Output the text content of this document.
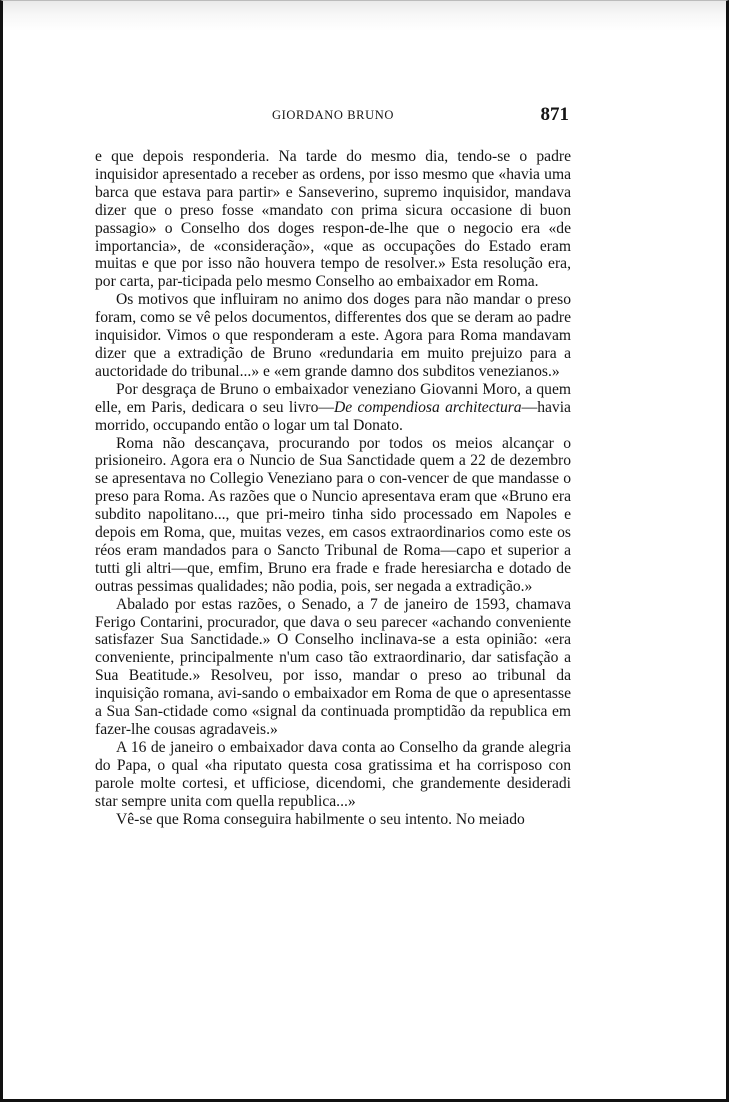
GIORDANO BRUNO	871

e que depois responderia. Na tarde do mesmo dia, tendo-se o padre inquisidor apresentado a receber as ordens, por isso mesmo que «havia uma barca que estava para partir» e Sanseverino, supremo inquisidor, mandava dizer que o preso fosse «mandato con prima sicura occasione di buon passagio» o Conselho dos doges respon-de-lhe que o negocio era «de importancia», de «consideração», «que as occupações do Estado eram muitas e que por isso não houvera tempo de resolver.» Esta resolução era, por carta, par-ticipada pelo mesmo Conselho ao embaixador em Roma.

Os motivos que influiram no animo dos doges para não mandar o preso foram, como se vê pelos documentos, differentes dos que se deram ao padre inquisidor. Vimos o que responderam a este. Agora para Roma mandavam dizer que a extradição de Bruno «redundaria em muito prejuizo para a auctoridade do tribunal...» e «em grande damno dos subditos venezianos.»

Por desgraça de Bruno o embaixador veneziano Giovanni Moro, a quem elle, em Paris, dedicara o seu livro—De compendiosa architectura—havia morrido, occupando então o logar um tal Donato.

Roma não descançava, procurando por todos os meios alcançar o prisioneiro. Agora era o Nuncio de Sua Sanctidade quem a 22 de dezembro se apresentava no Collegio Veneziano para o con-vencer de que mandasse o preso para Roma. As razões que o Nuncio apresentava eram que «Bruno era subdito napolitano..., que pri-meiro tinha sido processado em Napoles e depois em Roma, que, muitas vezes, em casos extraordinarios como este os réos eram mandados para o Sancto Tribunal de Roma—capo et superior a tutti gli altri—que, emfim, Bruno era frade e frade heresiarcha e dotado de outras pessimas qualidades; não podia, pois, ser negada a extradição.»

Abalado por estas razões, o Senado, a 7 de janeiro de 1593, chamava Ferigo Contarini, procurador, que dava o seu parecer «achando conveniente satisfazer Sua Sanctidade.» O Conselho inclinava-se a esta opinião: «era conveniente, principalmente n'um caso tão extraordinario, dar satisfação a Sua Beatitude.» Resolveu, por isso, mandar o preso ao tribunal da inquisição romana, avi-sando o embaixador em Roma de que o apresentasse a Sua San-ctidade como «signal da continuada promptidão da republica em fazer-lhe cousas agradaveis.»

A 16 de janeiro o embaixador dava conta ao Conselho da grande alegria do Papa, o qual «ha riputato questa cosa gratissima et ha corrisposo con parole molte cortesi, et ufficiose, dicendomi, che grandemente desideradi star sempre unita com quella republica...»

Vê-se que Roma conseguira habilmente o seu intento. No meiado
